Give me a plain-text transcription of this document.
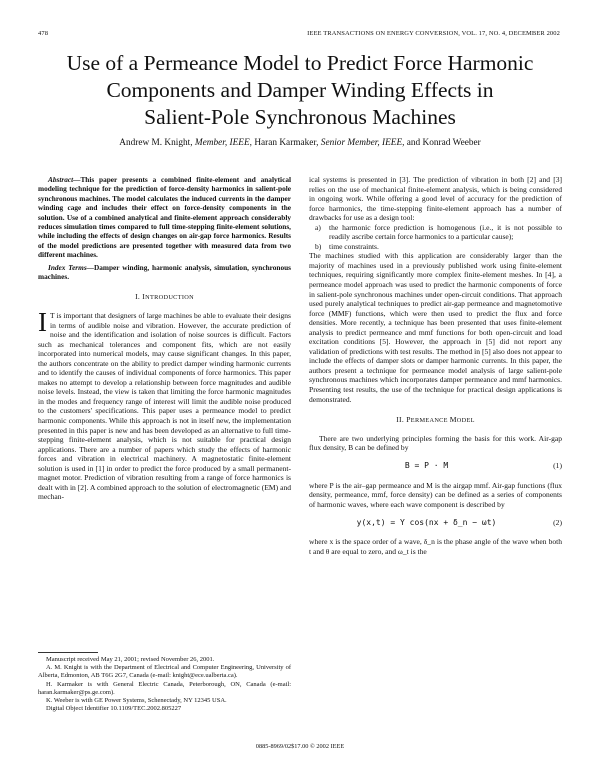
478	IEEE TRANSACTIONS ON ENERGY CONVERSION, VOL. 17, NO. 4, DECEMBER 2002
Use of a Permeance Model to Predict Force Harmonic
Components and Damper Winding Effects in
Salient-Pole Synchronous Machines
Andrew M. Knight, Member, IEEE, Haran Karmaker, Senior Member, IEEE, and Konrad Weeber

Abstract—This paper presents a combined finite-element and analytical modeling technique for the prediction of force-density harmonics in salient-pole synchronous machines. The model calculates the induced currents in the damper winding cage and includes their effect on force-density components in the solution. Use of a combined analytical and finite-element approach considerably reduces simulation times compared to full time-stepping finite-element solutions, while including the effects of design changes on air-gap force harmonics. Results of the model predictions are presented together with measured data from two different machines.

Index Terms—Damper winding, harmonic analysis, simulation, synchronous machines.

I. INTRODUCTION

I T is important that designers of large machines be able to evaluate their designs in terms of audible noise and vibration. However, the accurate prediction of noise and the identification and isolation of noise sources is difficult. Factors such as mechanical tolerances and component fits, which are not easily incorporated into numerical models, may cause significant changes. In this paper, the authors concentrate on the ability to predict damper winding harmonic currents and to identify the causes of individual components of force harmonics. This paper makes no attempt to develop a relationship between force magnitudes and audible noise levels. Instead, the view is taken that limiting the force harmonic magnitudes in the modes and frequency range of interest will limit the audible noise produced to the customers' specifications. This paper uses a permeance model to predict harmonic components. While this approach is not in itself new, the implementation presented in this paper is new and has been developed as an alternative to full time-stepping finite-element analysis, which is not suitable for practical design applications. There are a number of papers which study the effects of harmonic forces and vibration in electrical machinery. A magnetostatic finite-element solution is used in [1] in order to predict the force produced by a small permanent-magnet motor. Prediction of vibration resulting from a range of force harmonics is dealt with in [2]. A combined approach to the solution of electromagnetic (EM) and mechan-

ical systems is presented in [3]. The prediction of vibration in both [2] and [3] relies on the use of mechanical finite-element analysis, which is being considered in ongoing work. While offering a good level of accuracy for the prediction of force harmonics, the time-stepping finite-element approach has a number of drawbacks for use as a design tool:

a)	the harmonic force prediction is homogenous (i.e., it is not possible to readily ascribe certain force harmonics to a particular cause);
b)	time constraints.

The machines studied with this application are considerably larger than the majority of machines used in a previously published work using finite-element techniques, requiring significantly more complex finite-element meshes. In [4], a permeance model approach was used to predict the harmonic components of force in salient-pole synchronous machines under open-circuit conditions. That approach used purely analytical techniques to predict air-gap permeance and magnetomotive force (MMF) functions, which were then used to predict the flux and force densities. More recently, a technique has been presented that uses finite-element analysis to predict permeance and mmf functions for both open-circuit and load excitation conditions [5]. However, the approach in [5] did not report any validation of predictions with test results. The method in [5] also does not appear to include the effects of damper slots or damper harmonic currents. In this paper, the authors present a technique for permeance model analysis of large salient-pole synchronous machines which incorporates damper permeance and mmf harmonics. Presenting test results, the use of the technique for practical design applications is demonstrated.

II. PERMEANCE MODEL

There are two underlying principles forming the basis for this work. Air-gap flux density, B can be defined by

B = P · M	(1)

where P is the air–gap permeance and M is the airgap mmf. Air-gap functions (flux density, permeance, mmf, force density) can be defined as a series of components of harmonic waves, where each wave component is described by

y(x,t) = Y cos(nx + δ_n − ωt)	(2)

where x is the space order of a wave, δ_n is the phase angle of the wave when both t and θ are equal to zero, and ω_t is the

Manuscript received May 21, 2001; revised November 26, 2001.

A. M. Knight is with the Department of Electrical and Computer Engineering, University of Alberta, Edmonton, AB T6G 2G7, Canada (e-mail: knight@ece.ualberta.ca).

H. Karmaker is with General Electric Canada, Peterborough, ON, Canada (e-mail: haran.karmaker@ps.ge.com).

K. Weeber is with GE Power Systems, Schenectady, NY 12345 USA.

Digital Object Identifier 10.1109/TEC.2002.805227

0885-8969/02$17.00 © 2002 IEEE
